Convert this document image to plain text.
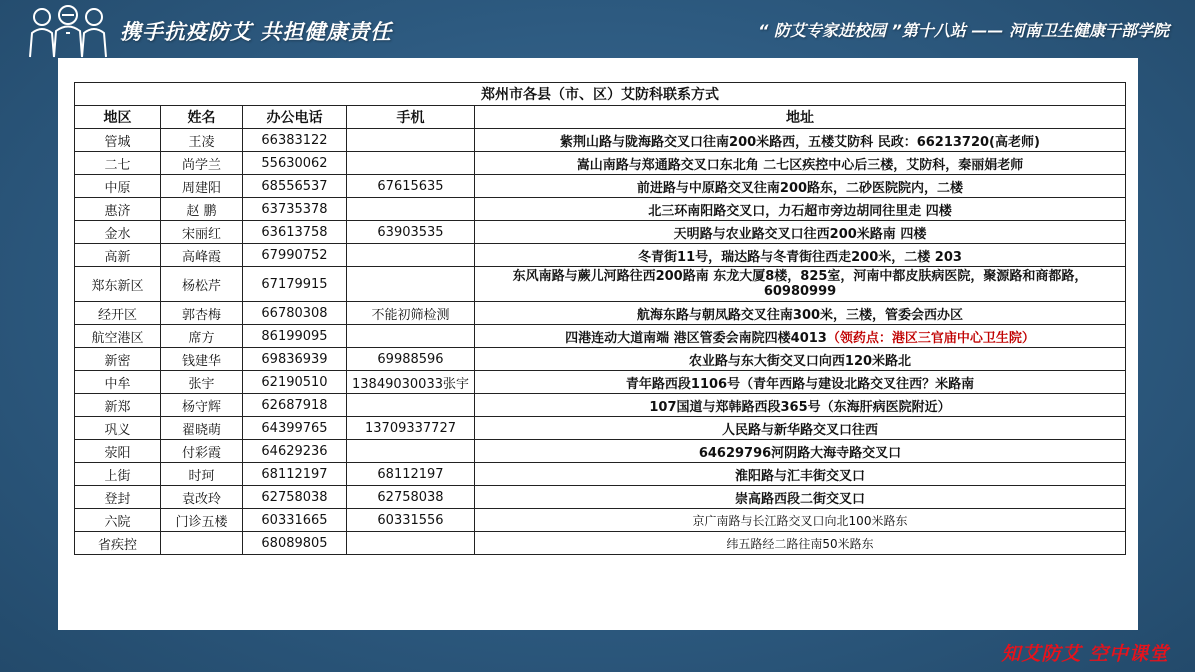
携手抗疫防艾 共担健康责任	“ 防艾专家进校园 ”第十八站 —— 河南卫生健康干部学院
郑州市各县（市、区）艾防科联系方式				
地区	姓名	办公电话	手机	地址
管城	王凌	66383122		紫荆山路与陇海路交叉口往南200米路西，五楼艾防科 民政：66213720(高老师)
二七	尚学兰	55630062		嵩山南路与郑通路交叉口东北角 二七区疾控中心后三楼，艾防科，秦丽娟老师
中原	周建阳	68556537	67615635	前进路与中原路交叉往南200路东，二砂医院院内，二楼
惠济	赵 鹏	63735378		北三环南阳路交叉口，力石超市旁边胡同往里走 四楼
金水	宋丽红	63613758	63903535	天明路与农业路交叉口往西200米路南 四楼
高新	高峰霞	67990752		冬青街11号，瑞达路与冬青街往西走200米，二楼 203
郑东新区	杨松芹	67179915		东风南路与蕨儿河路往西200路南 东龙大厦8楼，825室，河南中都皮肤病医院，聚源路和商都路，60980999
经开区	郭杏梅	66780308	不能初筛检测	航海东路与朝凤路交叉往南300米，三楼，管委会西办区
航空港区	席方	86199095		四港连动大道南端 港区管委会南院四楼4013（领药点：港区三官庙中心卫生院）
新密	钱建华	69836939	69988596	农业路与东大街交叉口向西120米路北
中牟	张宇	62190510	13849030033张宇	青年路西段1106号（青年西路与建设北路交叉往西？米路南
新郑	杨守辉	62687918		107国道与郑韩路西段365号（东海肝病医院附近）
巩义	翟晓萌	64399765	13709337727	人民路与新华路交叉口往西
荥阳	付彩霞	64629236		64629796河阴路大海寺路交叉口
上街	时珂	68112197	68112197	淮阳路与汇丰街交叉口
登封	袁改玲	62758038	62758038	崇高路西段二街交叉口
六院	门诊五楼	60331665	60331556	京广南路与长江路交叉口向北100米路东
省疾控		68089805		纬五路经二路往南50米路东
知艾防艾 空中课堂
